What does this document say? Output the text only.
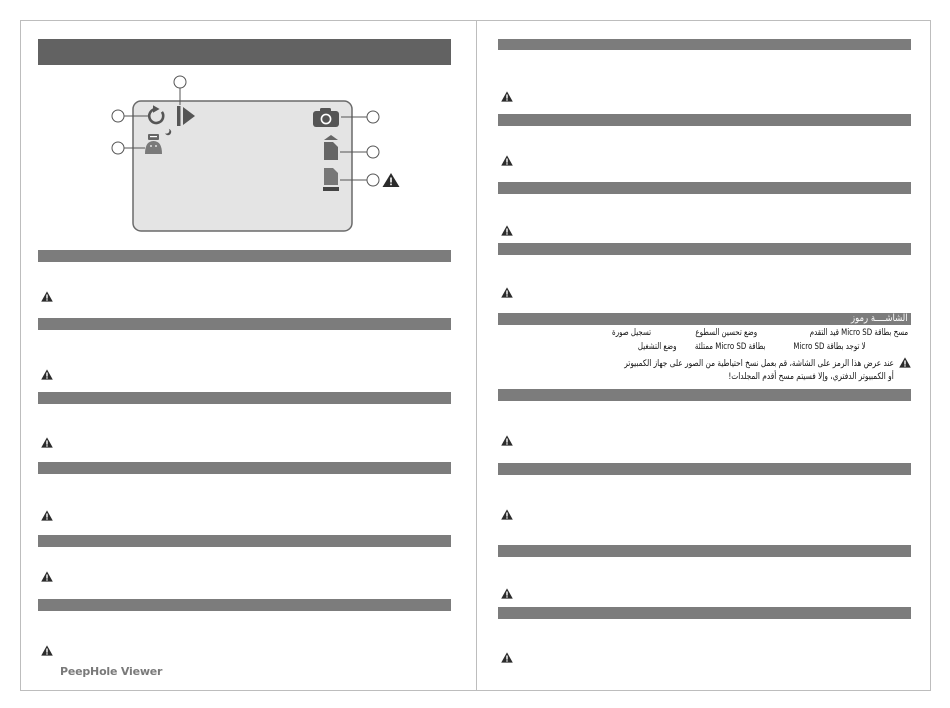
PeepHole Viewer
الشاشــــة رموز
مسح بطاقة Micro SD قيد التقدم
وضع تحسين السطوع
تسجيل صورة
لا توجد بطاقة Micro SD
بطاقة Micro SD ممتلئة
وضع التشغيل
عند عرض هذا الرمز على الشاشة، قم بعمل نسخ احتياطية من الصور على جهاز الكمبيوتر
أو الكمبيوتر الدفتري، وإلا فسيتم مسح أقدم المجلدات!
